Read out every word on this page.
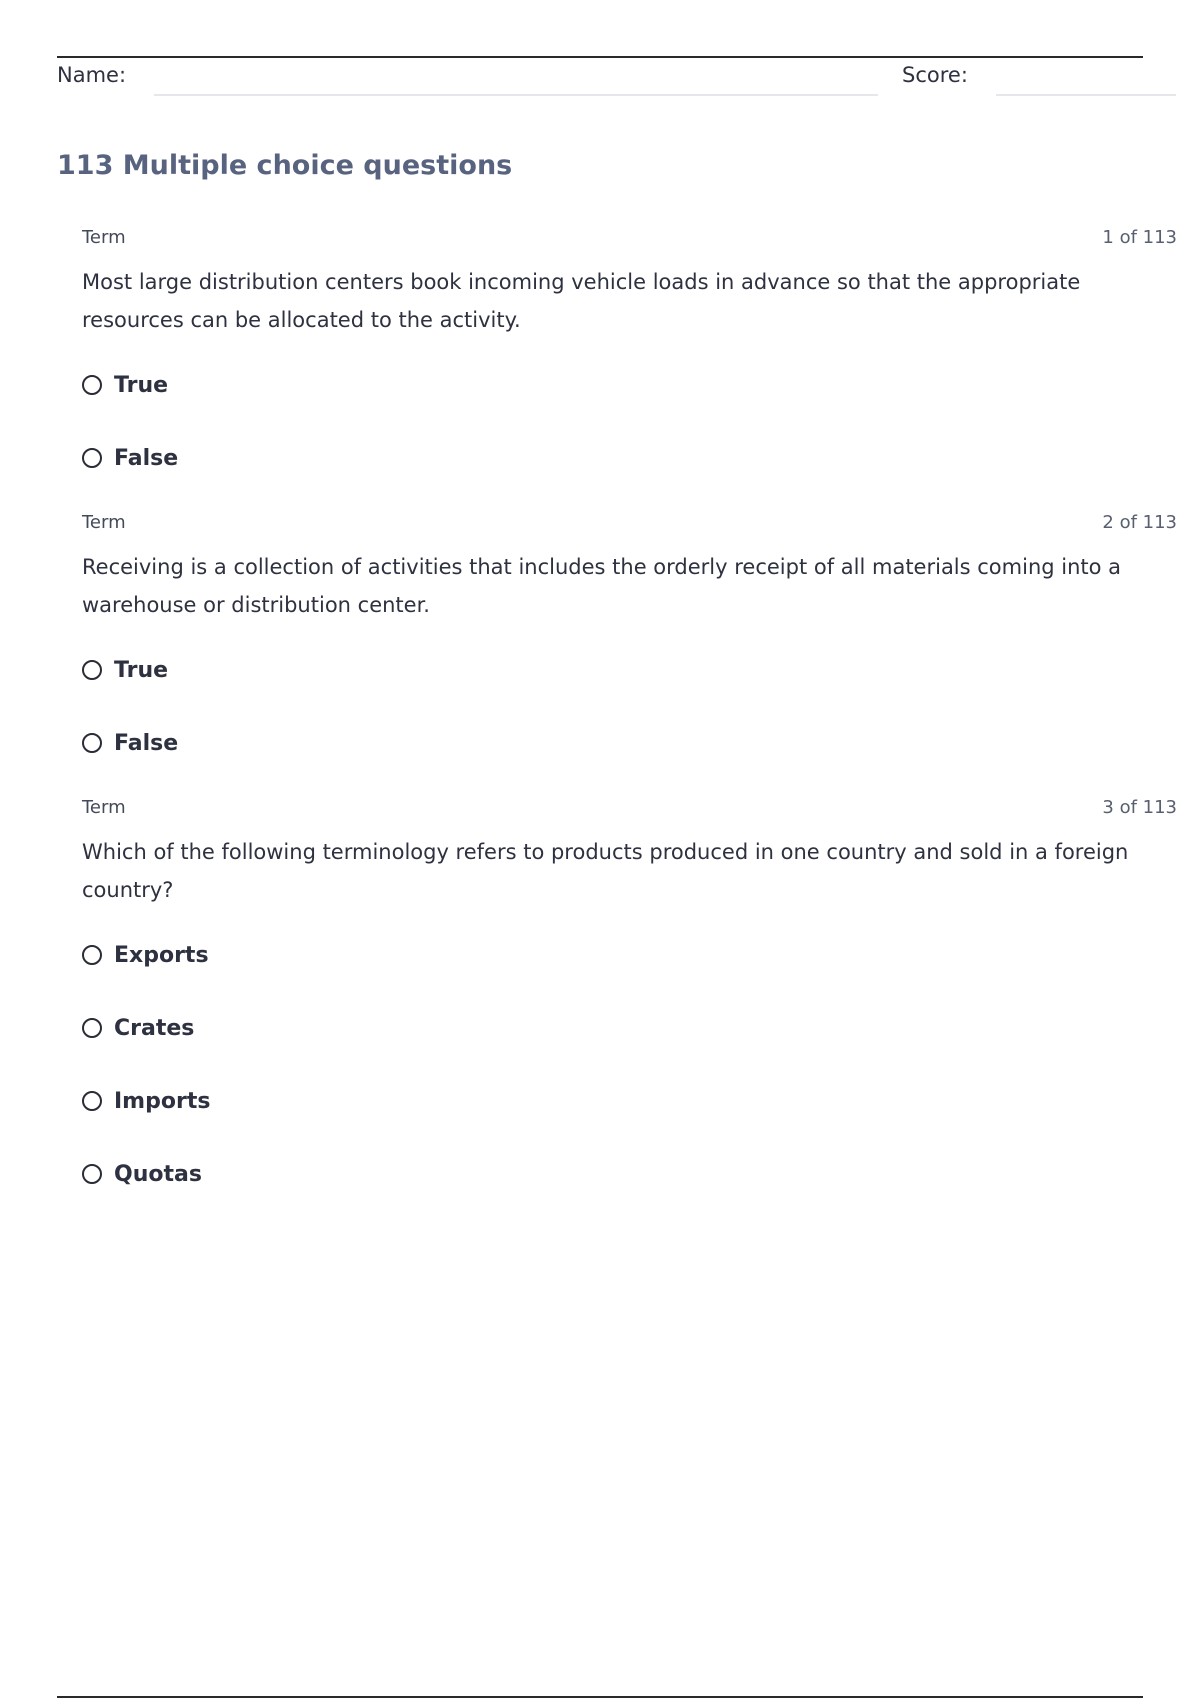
Name:	Score:
113 Multiple choice questions
Term	1 of 113

Most large distribution centers book incoming vehicle loads in advance so that the appropriate resources can be allocated to the activity.

True
False
Term	2 of 113

Receiving is a collection of activities that includes the orderly receipt of all materials coming into a warehouse or distribution center.

True
False
Term	3 of 113

Which of the following terminology refers to products produced in one country and sold in a foreign country?

Exports
Crates
Imports
Quotas
